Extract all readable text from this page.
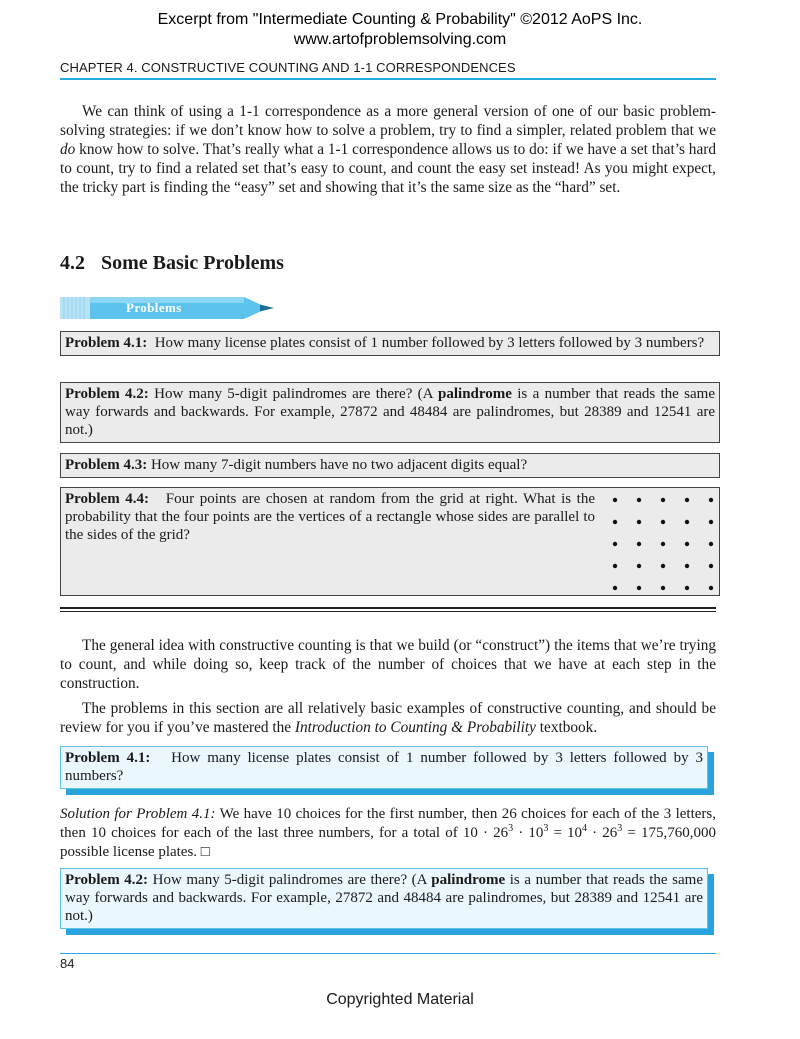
Excerpt from "Intermediate Counting & Probability" ©2012 AoPS Inc.
www.artofproblemsolving.com
CHAPTER 4. CONSTRUCTIVE COUNTING AND 1-1 CORRESPONDENCES

We can think of using a 1-1 correspondence as a more general version of one of our basic problem-solving strategies: if we don’t know how to solve a problem, try to find a simpler, related problem that we do know how to solve. That’s really what a 1-1 correspondence allows us to do: if we have a set that’s hard to count, try to find a related set that’s easy to count, and count the easy set instead! As you might expect, the tricky part is finding the “easy” set and showing that it’s the same size as the “hard” set.

4.2 Some Basic Problems
Problems
Problem 4.1: How many license plates consist of 1 number followed by 3 letters followed by 3 numbers?
Problem 4.2: How many 5-digit palindromes are there? (A palindrome is a number that reads the same way forwards and backwards. For example, 27872 and 48484 are palindromes, but 28389 and 12541 are not.)
Problem 4.3: How many 7-digit numbers have no two adjacent digits equal?
Problem 4.4: Four points are chosen at random from the grid at right. What is the probability that the four points are the vertices of a rectangle whose sides are parallel to the sides of the grid?

The general idea with constructive counting is that we build (or “construct”) the items that we’re trying to count, and while doing so, keep track of the number of choices that we have at each step in the construction.

The problems in this section are all relatively basic examples of constructive counting, and should be review for you if you’ve mastered the Introduction to Counting & Probability textbook.

Problem 4.1: How many license plates consist of 1 number followed by 3 letters followed by 3 numbers?

Solution for Problem 4.1: We have 10 choices for the first number, then 26 choices for each of the 3 letters, then 10 choices for each of the last three numbers, for a total of $10 \cdot 26^3 \cdot 10^3 = 10^4 \cdot 26^3 = 175,760,000$ possible license plates. □

Problem 4.2: How many 5-digit palindromes are there? (A palindrome is a number that reads the same way forwards and backwards. For example, 27872 and 48484 are palindromes, but 28389 and 12541 are not.)
84
Copyrighted Material
